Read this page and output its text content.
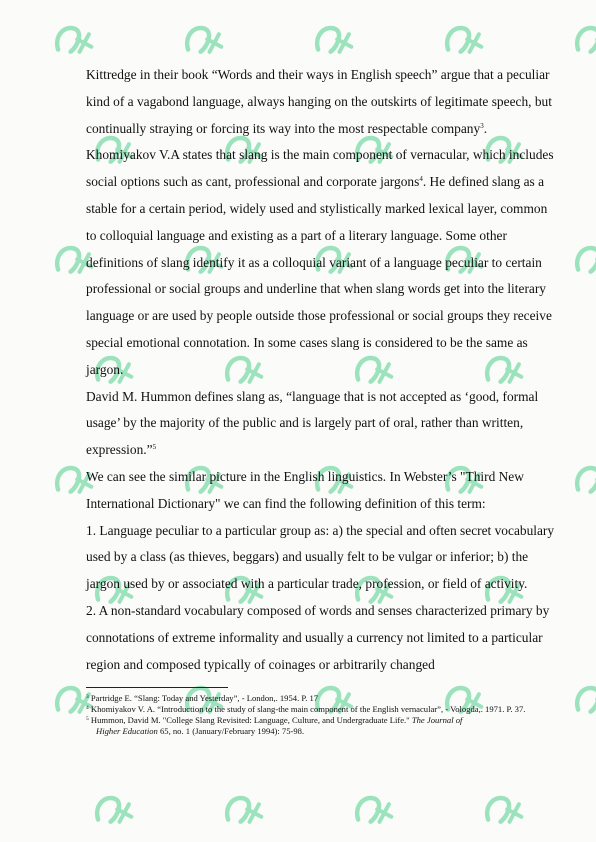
Kittredge in their book “Words and their ways in English speech” argue that a peculiar kind of a vagabond language, always hanging on the outskirts of legitimate speech, but continually straying or forcing its way into the most respectable company$^3$. Khomiyakov V.A states that slang is the main component of vernacular, which includes social options such as cant, professional and corporate jargons$^4$. He defined slang as a stable for a certain period, widely used and stylistically marked lexical layer, common to colloquial language and existing as a part of a literary language. Some other definitions of slang identify it as a colloquial variant of a language peculiar to certain professional or social groups and underline that when slang words get into the literary language or are used by people outside those professional or social groups they receive special emotional connotation. In some cases slang is considered to be the same as jargon.

David M. Hummon defines slang as, “language that is not accepted as ‘good, formal usage’ by the majority of the public and is largely part of oral, rather than written, expression.”$^5$

We can see the similar picture in the English linguistics. In Webster’s "Third New International Dictionary" we can find the following definition of this term:

1. Language peculiar to a particular group as: a) the special and often secret vocabulary used by a class (as thieves, beggars) and usually felt to be vulgar or inferior; b) the jargon used by or associated with a particular trade, profession, or field of activity.

2. A non-standard vocabulary composed of words and senses characterized primary by connotations of extreme informality and usually a currency not limited to a particular region and composed typically of coinages or arbitrarily changed

$^3$ Partridge E. “Slang: Today and Yesterday”, - London,. 1954. P. 17

$^4$ Khomiyakov V. A. “Introduction to the study of slang-the main component of the English vernacular”, - Vologda,. 1971. P. 37.

$^5$ Hummon, David M. "College Slang Revisited: Language, Culture, and Undergraduate Life." The Journal of
Higher Education 65, no. 1 (January/February 1994): 75-98.
